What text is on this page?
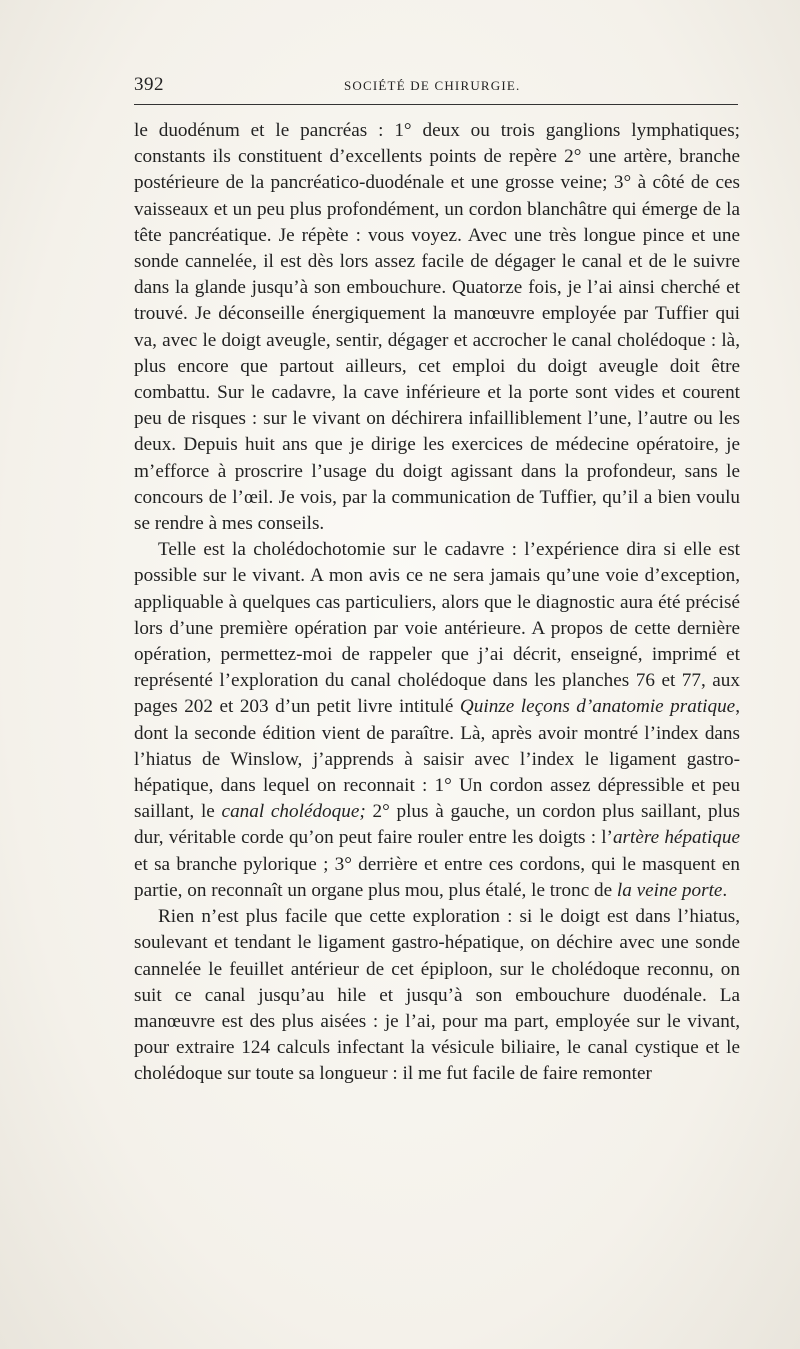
392	SOCIÉTÉ DE CHIRURGIE.

le duodénum et le pancréas : 1° deux ou trois ganglions lymphatiques; constants ils constituent d’excellents points de repère 2° une artère, branche postérieure de la pancréatico-duodénale et une grosse veine; 3° à côté de ces vaisseaux et un peu plus profondément, un cordon blanchâtre qui émerge de la tête pancréatique. Je répète : vous voyez. Avec une très longue pince et une sonde cannelée, il est dès lors assez facile de dégager le canal et de le suivre dans la glande jusqu’à son embouchure. Quatorze fois, je l’ai ainsi cherché et trouvé. Je déconseille énergiquement la manœuvre employée par Tuffier qui va, avec le doigt aveugle, sentir, dégager et accrocher le canal cholédoque : là, plus encore que partout ailleurs, cet emploi du doigt aveugle doit être combattu. Sur le cadavre, la cave inférieure et la porte sont vides et courent peu de risques : sur le vivant on déchirera infailliblement l’une, l’autre ou les deux. Depuis huit ans que je dirige les exercices de médecine opératoire, je m’efforce à proscrire l’usage du doigt agissant dans la profondeur, sans le concours de l’œil. Je vois, par la communication de Tuffier, qu’il a bien voulu se rendre à mes conseils.

Telle est la cholédochotomie sur le cadavre : l’expérience dira si elle est possible sur le vivant. A mon avis ce ne sera jamais qu’une voie d’exception, appliquable à quelques cas particuliers, alors que le diagnostic aura été précisé lors d’une première opération par voie antérieure. A propos de cette dernière opération, permettez-moi de rappeler que j’ai décrit, enseigné, imprimé et représenté l’exploration du canal cholédoque dans les planches 76 et 77, aux pages 202 et 203 d’un petit livre intitulé Quinze leçons d’anatomie pratique, dont la seconde édition vient de paraître. Là, après avoir montré l’index dans l’hiatus de Winslow, j’apprends à saisir avec l’index le ligament gastro-hépatique, dans lequel on reconnait : 1° Un cordon assez dépressible et peu saillant, le canal cholédoque; 2° plus à gauche, un cordon plus saillant, plus dur, véritable corde qu’on peut faire rouler entre les doigts : l’artère hépatique et sa branche pylorique ; 3° derrière et entre ces cordons, qui le masquent en partie, on reconnaît un organe plus mou, plus étalé, le tronc de la veine porte.

Rien n’est plus facile que cette exploration : si le doigt est dans l’hiatus, soulevant et tendant le ligament gastro-hépatique, on déchire avec une sonde cannelée le feuillet antérieur de cet épiploon, sur le cholédoque reconnu, on suit ce canal jusqu’au hile et jusqu’à son embouchure duodénale. La manœuvre est des plus aisées : je l’ai, pour ma part, employée sur le vivant, pour extraire 124 calculs infectant la vésicule biliaire, le canal cystique et le cholédoque sur toute sa longueur : il me fut facile de faire remonter
